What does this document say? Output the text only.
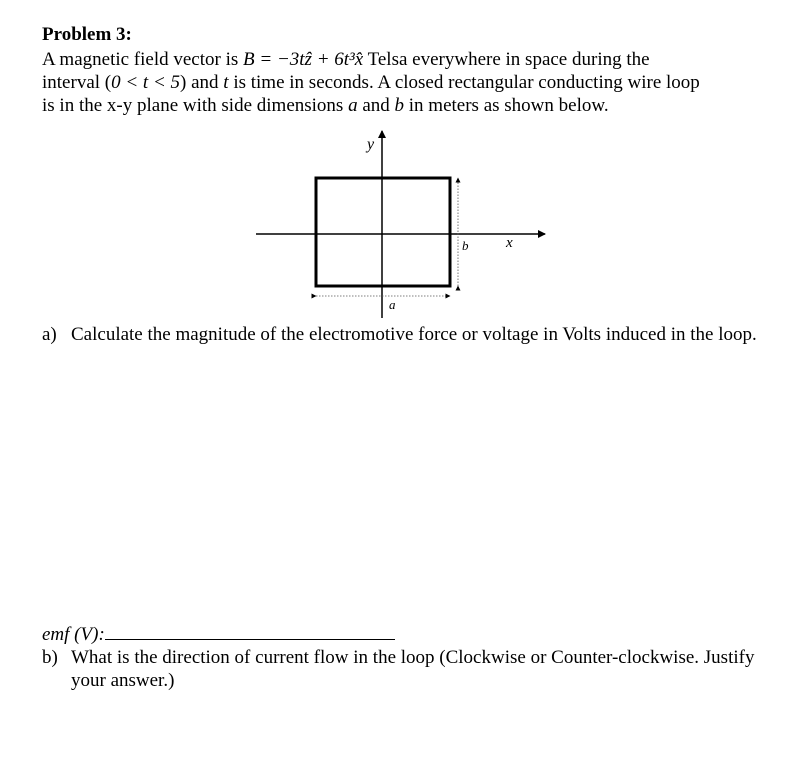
Problem 3:
A magnetic field vector is B = −3tẑ + 6t³x̂ Telsa everywhere in space during the
interval (0 < t < 5) and t is time in seconds. A closed rectangular conducting wire loop
is in the x-y plane with side dimensions a and b in meters as shown below.
y
x
b
a
a) Calculate the magnitude of the electromotive force or voltage in Volts induced in the loop.
emf (V):
b) What is the direction of current flow in the loop (Clockwise or Counter-clockwise. Justify your answer.)
